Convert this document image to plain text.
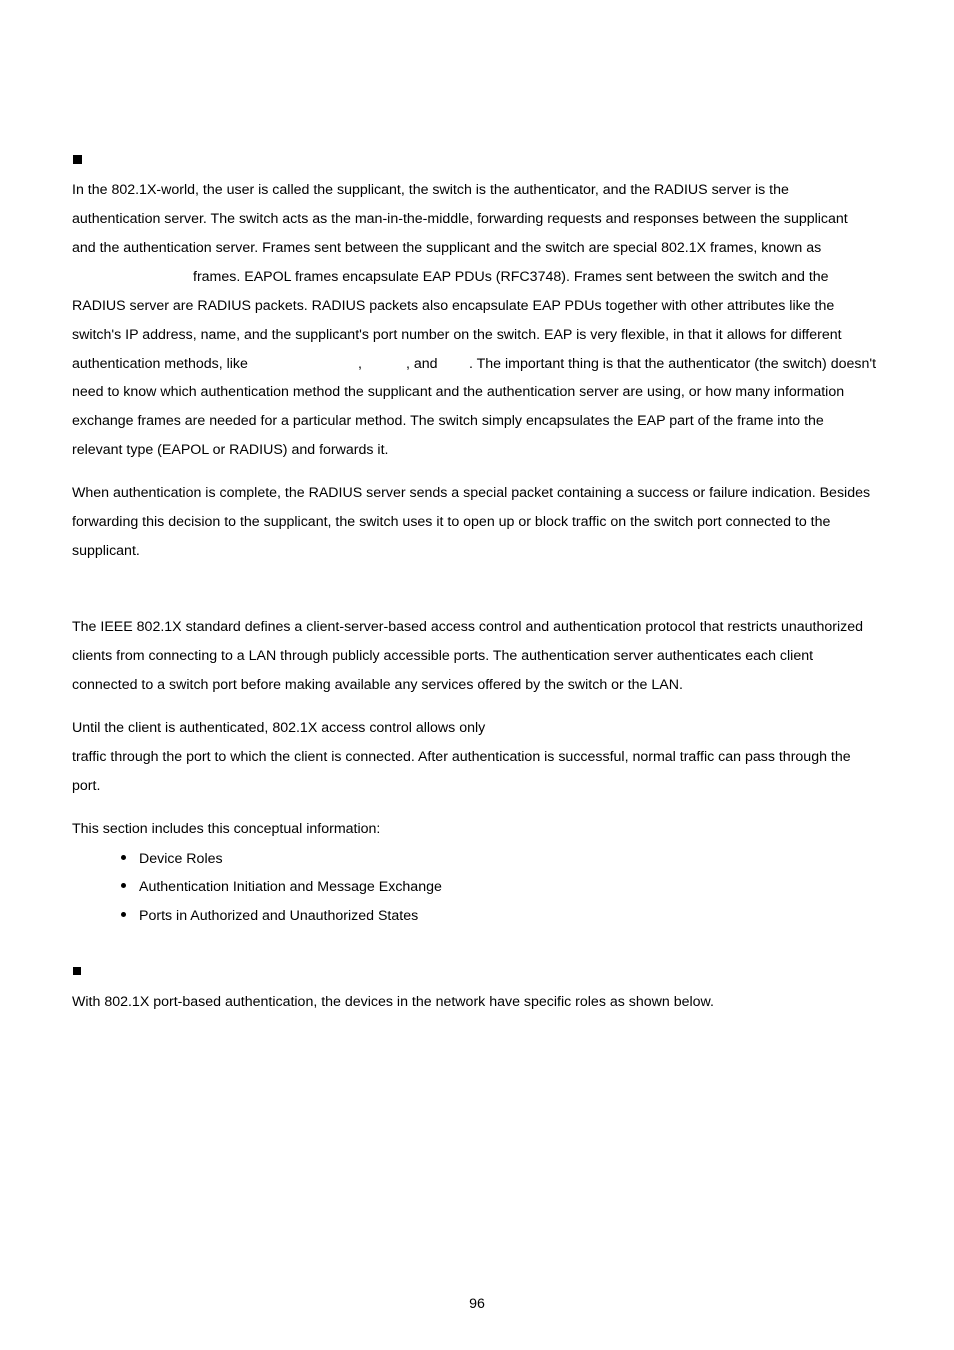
In the 802.1X-world, the user is called the supplicant, the switch is the authenticator, and the RADIUS server is the
authentication server. The switch acts as the man-in-the-middle, forwarding requests and responses between the supplicant
and the authentication server. Frames sent between the supplicant and the switch are special 802.1X frames, known as
frames. EAPOL frames encapsulate EAP PDUs (RFC3748). Frames sent between the switch and the
RADIUS server are RADIUS packets. RADIUS packets also encapsulate EAP PDUs together with other attributes like the
switch's IP address, name, and the supplicant's port number on the switch. EAP is very flexible, in that it allows for different
authentication methods, like	,	, and . The important thing is that the authenticator (the switch) doesn't
need to know which authentication method the supplicant and the authentication server are using, or how many information
exchange frames are needed for a particular method. The switch simply encapsulates the EAP part of the frame into the
relevant type (EAPOL or RADIUS) and forwards it.
When authentication is complete, the RADIUS server sends a special packet containing a success or failure indication. Besides
forwarding this decision to the supplicant, the switch uses it to open up or block traffic on the switch port connected to the
supplicant.
The IEEE 802.1X standard defines a client-server-based access control and authentication protocol that restricts unauthorized
clients from connecting to a LAN through publicly accessible ports. The authentication server authenticates each client
connected to a switch port before making available any services offered by the switch or the LAN.
Until the client is authenticated, 802.1X access control allows only
traffic through the port to which the client is connected. After authentication is successful, normal traffic can pass through the
port.
This section includes this conceptual information:
Device Roles
Authentication Initiation and Message Exchange
Ports in Authorized and Unauthorized States
With 802.1X port-based authentication, the devices in the network have specific roles as shown below.
96
